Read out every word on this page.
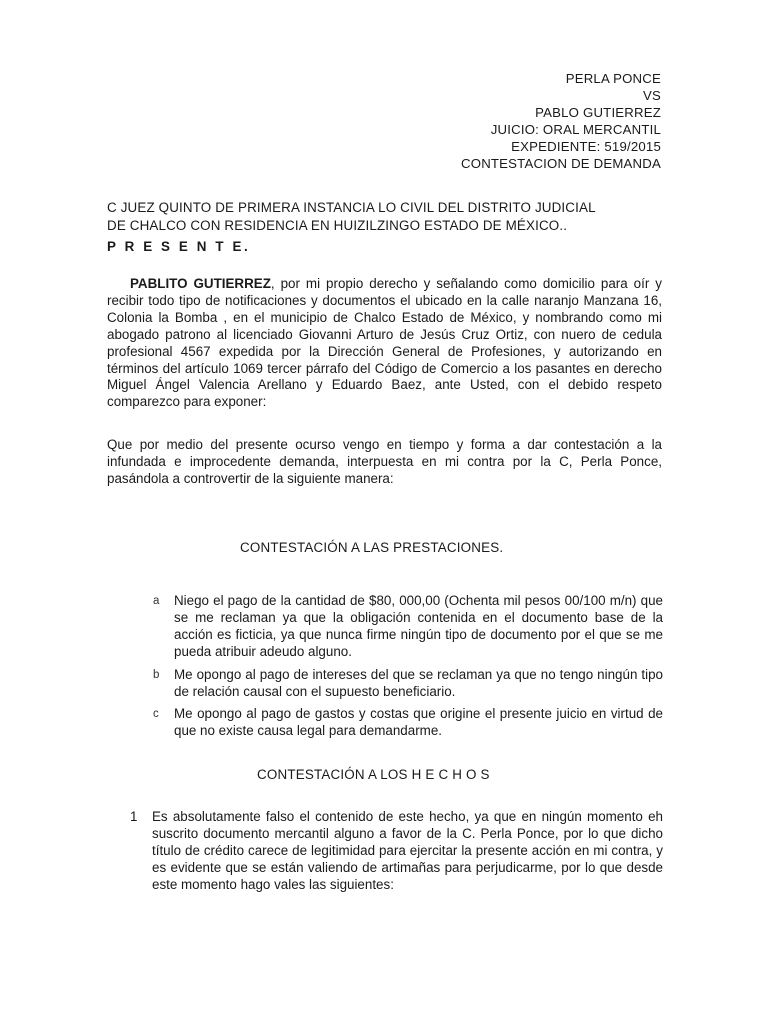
PERLA PONCE
VS
PABLO GUTIERREZ
JUICIO: ORAL MERCANTIL
EXPEDIENTE: 519/2015
CONTESTACION DE DEMANDA
C JUEZ QUINTO DE PRIMERA INSTANCIA LO CIVIL DEL DISTRITO JUDICIAL
DE CHALCO CON RESIDENCIA EN HUIZILZINGO ESTADO DE MÉXICO..
P R E S E N T E.
PABLITO GUTIERREZ, por mi propio derecho y señalando como domicilio para oír y recibir todo tipo de notificaciones y documentos el ubicado en la calle naranjo Manzana 16, Colonia la Bomba , en el municipio de Chalco Estado de México, y nombrando como mi abogado patrono al licenciado Giovanni Arturo de Jesús Cruz Ortiz, con nuero de cedula profesional 4567 expedida por la Dirección General de Profesiones, y autorizando en términos del artículo 1069 tercer párrafo del Código de Comercio a los pasantes en derecho Miguel Ángel Valencia Arellano y Eduardo Baez, ante Usted, con el debido respeto comparezco para exponer:
Que por medio del presente ocurso vengo en tiempo y forma a dar contestación a la infundada e improcedente demanda, interpuesta en mi contra por la C, Perla Ponce, pasándola a controvertir de la siguiente manera:
CONTESTACIÓN A LAS PRESTACIONES.
a Niego el pago de la cantidad de $80, 000,00 (Ochenta mil pesos 00/100 m/n) que se me reclaman ya que la obligación contenida en el documento base de la acción es ficticia, ya que nunca firme ningún tipo de documento por el que se me pueda atribuir adeudo alguno.
b Me opongo al pago de intereses del que se reclaman ya que no tengo ningún tipo de relación causal con el supuesto beneficiario.
c Me opongo al pago de gastos y costas que origine el presente juicio en virtud de que no existe causa legal para demandarme.
CONTESTACIÓN A LOS H E C H O S
1 Es absolutamente falso el contenido de este hecho, ya que en ningún momento eh suscrito documento mercantil alguno a favor de la C. Perla Ponce, por lo que dicho título de crédito carece de legitimidad para ejercitar la presente acción en mi contra, y es evidente que se están valiendo de artimañas para perjudicarme, por lo que desde este momento hago vales las siguientes:
